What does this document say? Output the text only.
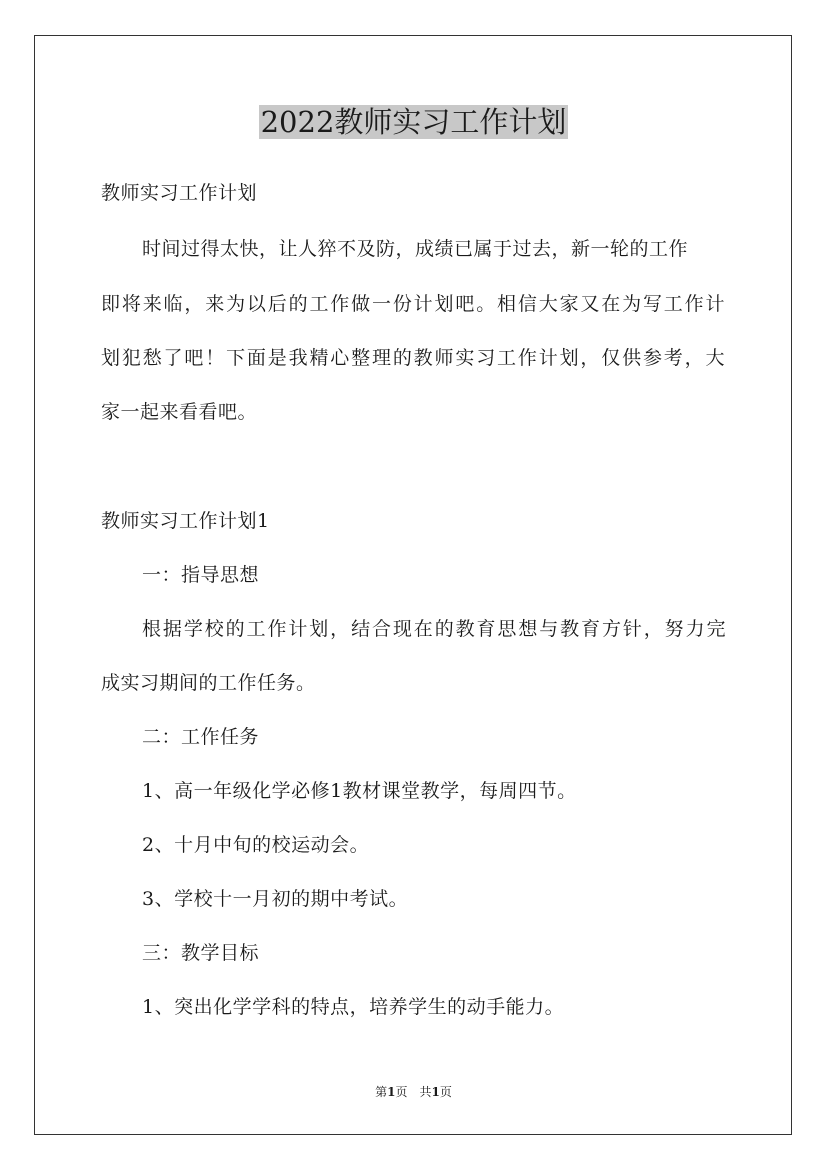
2022教师实习工作计划
教师实习工作计划
时间过得太快，让人猝不及防，成绩已属于过去，新一轮的工作
即将来临，来为以后的工作做一份计划吧。相信大家又在为写工作计
划犯愁了吧！下面是我精心整理的教师实习工作计划，仅供参考，大
家一起来看看吧。
教师实习工作计划1
一：指导思想
根据学校的工作计划，结合现在的教育思想与教育方针，努力完
成实习期间的工作任务。
二：工作任务
1、高一年级化学必修1教材课堂教学，每周四节。
2、十月中旬的校运动会。
3、学校十一月初的期中考试。
三：教学目标
1、突出化学学科的特点，培养学生的动手能力。
第1页 共1页
